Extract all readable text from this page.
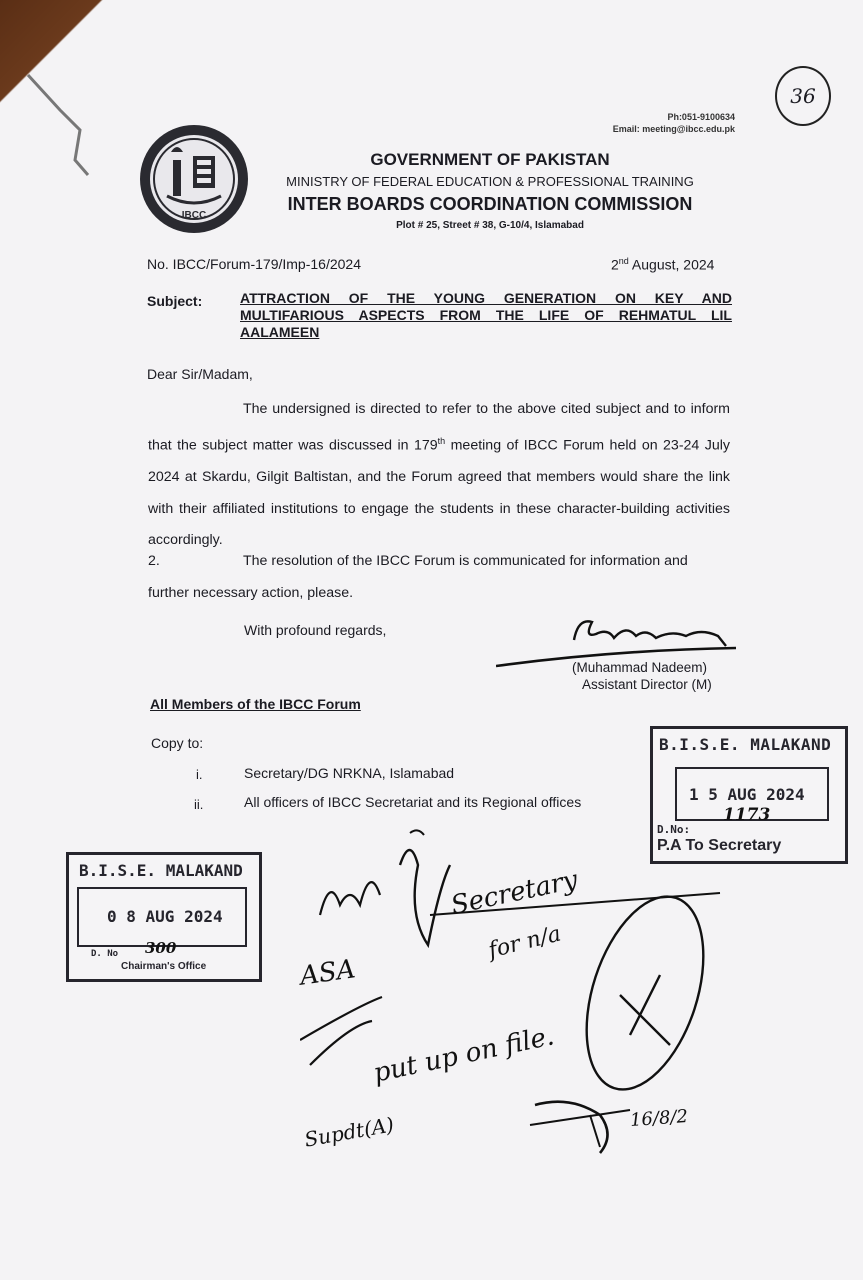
36
Ph:051-9100634
Email: meeting@ibcc.edu.pk
IBCC
GOVERNMENT OF PAKISTAN
MINISTRY OF FEDERAL EDUCATION & PROFESSIONAL TRAINING
INTER BOARDS COORDINATION COMMISSION
Plot # 25, Street # 38, G-10/4, Islamabad
No. IBCC/Forum-179/Imp-16/2024	2nd August, 2024
Subject:	ATTRACTION OF THE YOUNG GENERATION ON KEY AND MULTIFARIOUS ASPECTS FROM THE LIFE OF REHMATUL LIL AALAMEEN
Dear Sir/Madam,
The undersigned is directed to refer to the above cited subject and to inform that the subject matter was discussed in 179th meeting of IBCC Forum held on 23-24 July 2024 at Skardu, Gilgit Baltistan, and the Forum agreed that members would share the link with their affiliated institutions to engage the students in these character-building activities accordingly.
2.	The resolution of the IBCC Forum is communicated for information and further necessary action, please.
With profound regards,
(Muhammad Nadeem)
Assistant Director (M)
All Members of the IBCC Forum
Copy to:
i.	Secretary/DG NRKNA, Islamabad
ii.	All officers of IBCC Secretariat and its Regional offices
B.I.S.E. MALAKAND
1 5 AUG 2024
D.No:
1173
P.A To Secretary
B.I.S.E. MALAKAND
0 8 AUG 2024
D. No 300
Chairman's Office
Secretary
for n/a
ASA
put up on file.
Supdt(A)	16/8/2
